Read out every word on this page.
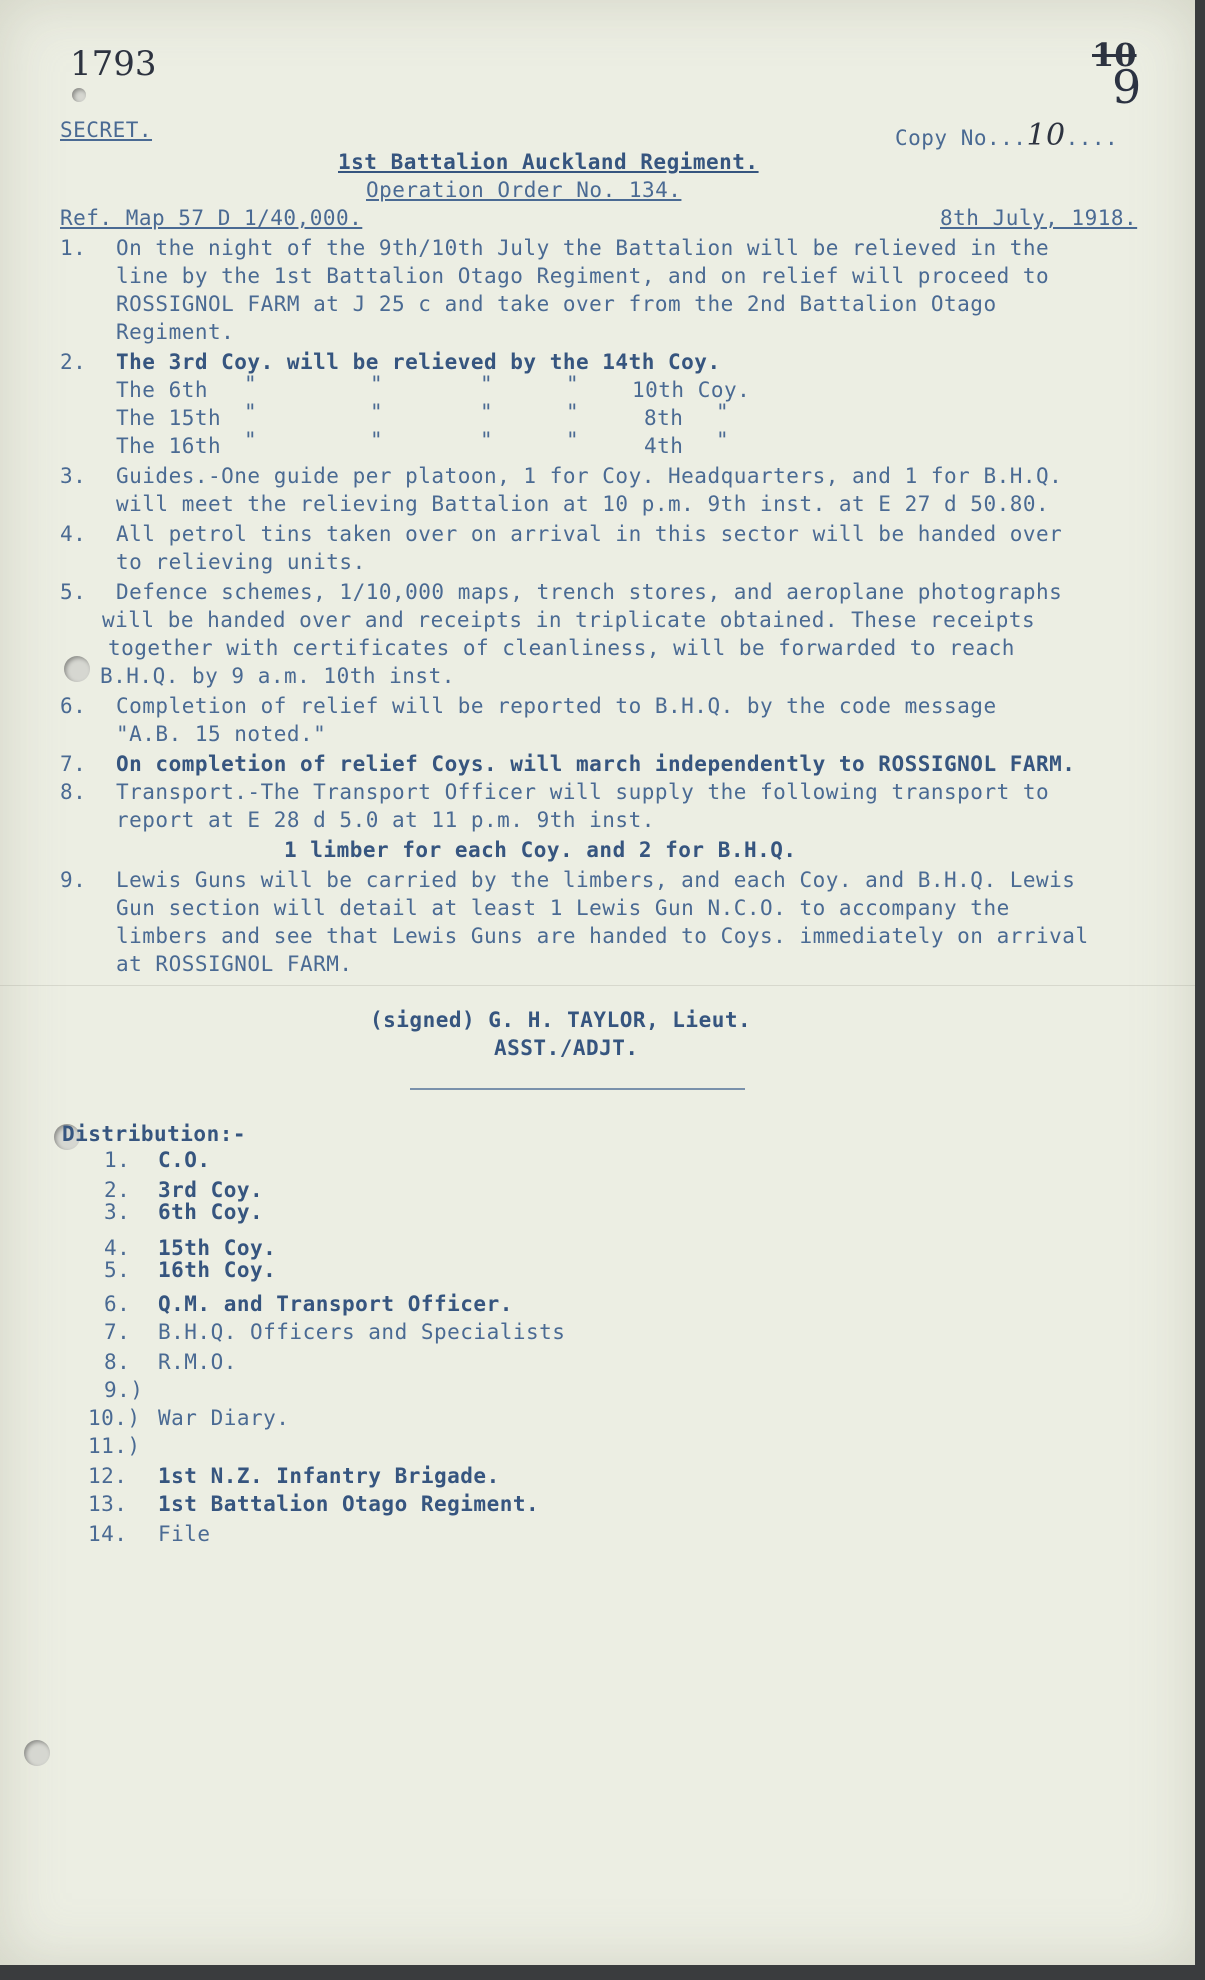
1793	10
9
SECRET.	Copy No...10....
1st Battalion Auckland Regiment.
Operation Order No. 134.
Ref. Map 57 D 1/40,000.	8th July, 1918.
1. On the night of the 9th/10th July the Battalion will be relieved in the
line by the 1st Battalion Otago Regiment, and on relief will proceed to
ROSSIGNOL FARM at J 25 c and take over from the 2nd Battalion Otago
Regiment.
2. The 3rd Coy. will be relieved by the 14th Coy.
The 6th "	"	"	"	10th Coy.
The 15th "	"	"	"	8th "
The 16th "	"	"	"	4th "
3. Guides.-One guide per platoon, 1 for Coy. Headquarters, and 1 for B.H.Q.
will meet the relieving Battalion at 10 p.m. 9th inst. at E 27 d 50.80.
4. All petrol tins taken over on arrival in this sector will be handed over
to relieving units.
5. Defence schemes, 1/10,000 maps, trench stores, and aeroplane photographs
will be handed over and receipts in triplicate obtained. These receipts
together with certificates of cleanliness, will be forwarded to reach
B.H.Q. by 9 a.m. 10th inst.
6. Completion of relief will be reported to B.H.Q. by the code message
"A.B. 15 noted."
7. On completion of relief Coys. will march independently to ROSSIGNOL FARM.
8. Transport.-The Transport Officer will supply the following transport to
report at E 28 d 5.0 at 11 p.m. 9th inst.
1 limber for each Coy. and 2 for B.H.Q.
9. Lewis Guns will be carried by the limbers, and each Coy. and B.H.Q. Lewis
Gun section will detail at least 1 Lewis Gun N.C.O. to accompany the
limbers and see that Lewis Guns are handed to Coys. immediately on arrival
at ROSSIGNOL FARM.
(signed) G. H. TAYLOR, Lieut.
ASST./ADJT.
Distribution:-
1. C.O.
2. 3rd Coy.
3. 6th Coy.
4. 15th Coy.
5. 16th Coy.
6. Q.M. and Transport Officer.
7. B.H.Q. Officers and Specialists
8. R.M.O.
9.)
10.) War Diary.
11.)
12. 1st N.Z. Infantry Brigade.
13. 1st Battalion Otago Regiment.
14. File
